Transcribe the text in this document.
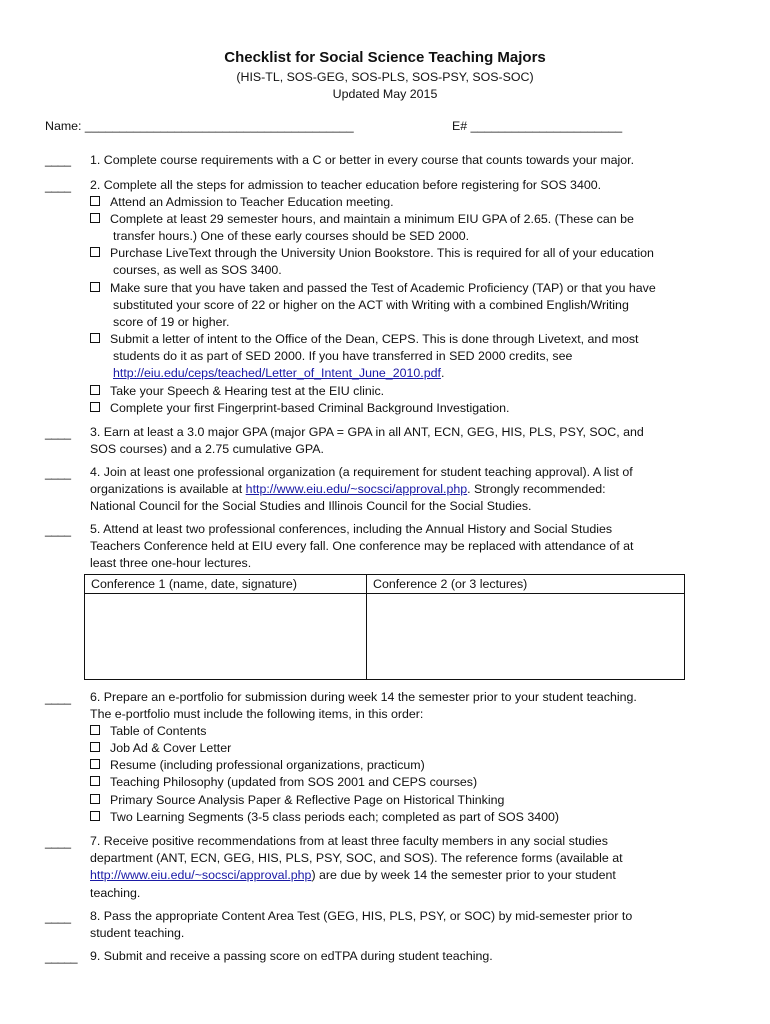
Checklist for Social Science Teaching Majors
(HIS-TL, SOS-GEG, SOS-PLS, SOS-PSY, SOS-SOC)
Updated May 2015
Name: _______________________________________	E# ______________________
____ 1. Complete course requirements with a C or better in every course that counts towards your major.
____ 2. Complete all the steps for admission to teacher education before registering for SOS 3400.
Attend an Admission to Teacher Education meeting.
Complete at least 29 semester hours, and maintain a minimum EIU GPA of 2.65. (These can be
transfer hours.) One of these early courses should be SED 2000.
Purchase LiveText through the University Union Bookstore. This is required for all of your education
courses, as well as SOS 3400.
Make sure that you have taken and passed the Test of Academic Proficiency (TAP) or that you have
substituted your score of 22 or higher on the ACT with Writing with a combined English/Writing
score of 19 or higher.
Submit a letter of intent to the Office of the Dean, CEPS. This is done through Livetext, and most
students do it as part of SED 2000. If you have transferred in SED 2000 credits, see
http://eiu.edu/ceps/teached/Letter_of_Intent_June_2010.pdf.
Take your Speech & Hearing test at the EIU clinic.
Complete your first Fingerprint-based Criminal Background Investigation.
____ 3. Earn at least a 3.0 major GPA (major GPA = GPA in all ANT, ECN, GEG, HIS, PLS, PSY, SOC, and
SOS courses) and a 2.75 cumulative GPA.
____ 4. Join at least one professional organization (a requirement for student teaching approval). A list of
organizations is available at http://www.eiu.edu/~socsci/approval.php. Strongly recommended:
National Council for the Social Studies and Illinois Council for the Social Studies.
____ 5. Attend at least two professional conferences, including the Annual History and Social Studies
Teachers Conference held at EIU every fall. One conference may be replaced with attendance of at
least three one-hour lectures.
Conference 1 (name, date, signature)	Conference 2 (or 3 lectures)

____ 6. Prepare an e-portfolio for submission during week 14 the semester prior to your student teaching.
The e-portfolio must include the following items, in this order:
Table of Contents
Job Ad & Cover Letter
Resume (including professional organizations, practicum)
Teaching Philosophy (updated from SOS 2001 and CEPS courses)
Primary Source Analysis Paper & Reflective Page on Historical Thinking
Two Learning Segments (3-5 class periods each; completed as part of SOS 3400)
____ 7. Receive positive recommendations from at least three faculty members in any social studies
department (ANT, ECN, GEG, HIS, PLS, PSY, SOC, and SOS). The reference forms (available at
http://www.eiu.edu/~socsci/approval.php) are due by week 14 the semester prior to your student
teaching.
____ 8. Pass the appropriate Content Area Test (GEG, HIS, PLS, PSY, or SOC) by mid-semester prior to
student teaching.
_____ 9. Submit and receive a passing score on edTPA during student teaching.
